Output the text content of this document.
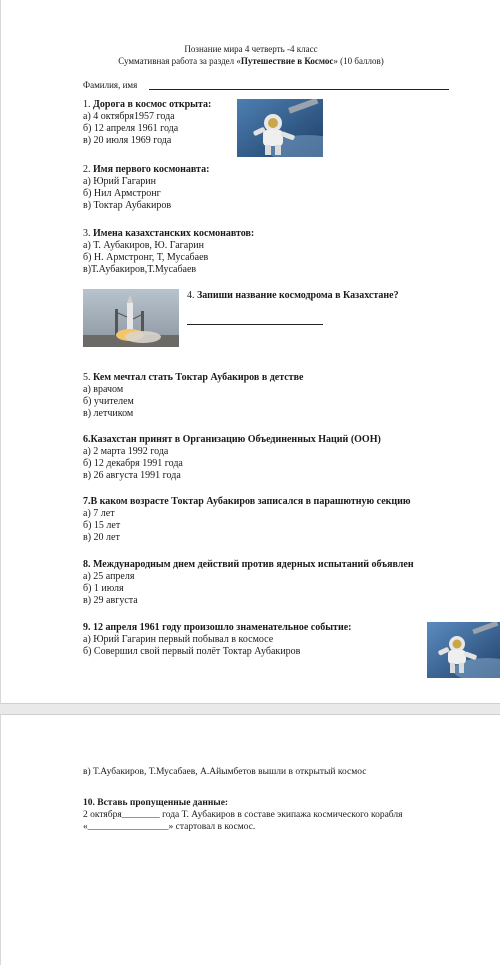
Познание мира 4 четверть -4 класс
Суммативная работа за раздел «Путешествие в Космос» (10 баллов)
Фамилия, имя
1. Дорога в космос открыта:
а) 4 октября1957 года
б) 12 апреля 1961 года
в) 20 июля 1969 года
2. Имя первого космонавта:
а) Юрий Гагарин
б) Нил Армстронг
в) Токтар Аубакиров
3. Имена казахстанских космонавтов:
а) Т. Аубакиров, Ю. Гагарин
б) Н. Армстронг, Т, Мусабаев
в)Т.Аубакиров,Т.Мусабаев
4. Запиши название космодрома в Казахстане?
5. Кем мечтал стать Токтар Аубакиров в детстве
а) врачом
б) учителем
в) летчиком
6.Казахстан принят в Организацию Объединенных Наций (ООН)
а) 2 марта 1992 года
б) 12 декабря 1991 года
в) 26 августа 1991 года
7.В каком возрасте Токтар Аубакиров записался в парашютную секцию
а) 7 лет
б) 15 лет
в) 20 лет
8. Международным днем действий против ядерных испытаний объявлен
а) 25 апреля
б) 1 июля
в) 29 августа
9. 12 апреля 1961 году произошло знаменательное событие:
а) Юрий Гагарин первый побывал в космосе
б) Совершил свой первый полёт Токтар Аубакиров
в) Т.Аубакиров, Т.Мусабаев, А.Айымбетов вышли в открытый космос
10. Вставь пропущенные данные:
2 октября________ года Т. Аубакиров в составе экипажа космического корабля
«_________________» стартовал в космос.
